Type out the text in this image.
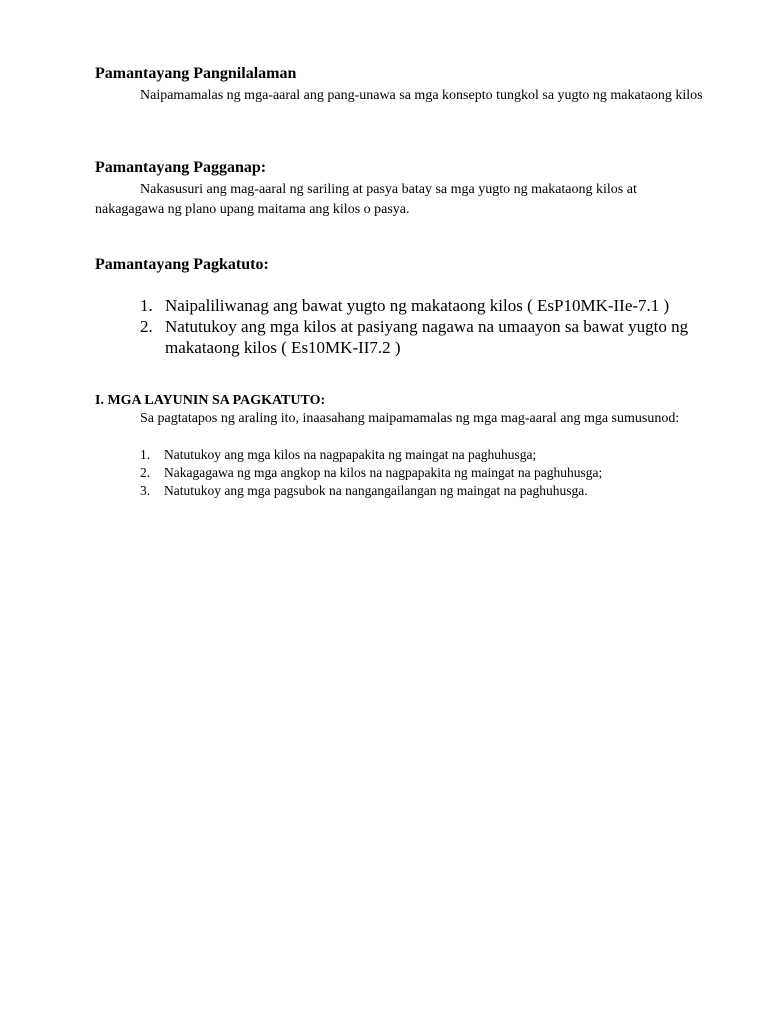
Pamantayang Pangnilalaman
Naipamamalas ng mga-aaral ang pang-unawa sa mga konsepto tungkol sa yugto ng makataong kilos
Pamantayang Pagganap:
Nakasusuri ang mag-aaral ng sariling at pasya batay sa mga yugto ng makataong kilos at
nakagagawa ng plano upang maitama ang kilos o pasya.
Pamantayang Pagkatuto:
1. Naipaliliwanag ang bawat yugto ng makataong kilos ( EsP10MK-IIe-7.1 )
2. Natutukoy ang mga kilos at pasiyang nagawa na umaayon sa bawat yugto ng makataong kilos ( Es10MK-II7.2 )
I. MGA LAYUNIN SA PAGKATUTO:
Sa pagtatapos ng araling ito, inaasahang maipamamalas ng mga mag-aaral ang mga sumusunod:
1. Natutukoy ang mga kilos na nagpapakita ng maingat na paghuhusga;
2. Nakagagawa ng mga angkop na kilos na nagpapakita ng maingat na paghuhusga;
3. Natutukoy ang mga pagsubok na nangangailangan ng maingat na paghuhusga.
